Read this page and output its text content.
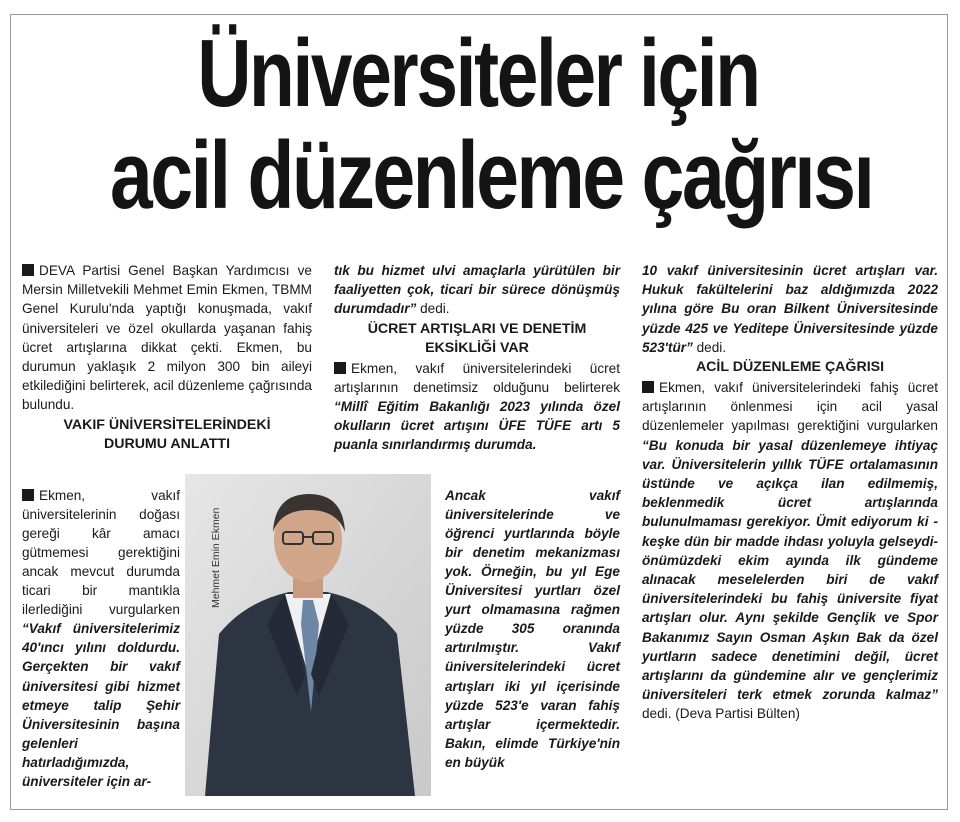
Üniversiteler için
acil düzenleme çağrısı

DEVA Partisi Genel Başkan Yardımcısı ve Mersin Milletvekili Mehmet Emin Ekmen, TBMM Genel Kurulu'nda yaptığı konuşmada, vakıf üniversiteleri ve özel okullarda yaşanan fahiş ücret artışlarına dikkat çekti. Ekmen, bu durumun yaklaşık 2 milyon 300 bin aileyi etkilediğini belirterek, acil düzenleme çağrısında bulundu.

VAKIF ÜNİVERSİTELERİNDEKİ DURUMU ANLATTI

Ekmen, vakıf üniversitelerinin doğası gereği kâr amacı gütmemesi gerektiğini ancak mevcut durumda ticari bir mantıkla ilerlediğini vurgularken “Vakıf üniversitelerimiz 40'ıncı yılını doldurdu. Gerçekten bir vakıf üniversitesi gibi hizmet etmeye talip Şehir Üniversitesinin başına gelenleri hatırladığımızda, üniversiteler için ar-

Mehmet Emin Ekmen

tık bu hizmet ulvi amaçlarla yürütülen bir faaliyetten çok, ticari bir sürece dönüşmüş durumdadır” dedi.

ÜCRET ARTIŞLARI VE DENETİM EKSİKLİĞİ VAR

Ekmen, vakıf üniversitelerindeki ücret artışlarının denetimsiz olduğunu belirterek “Millî Eğitim Bakanlığı 2023 yılında özel okulların ücret artışını ÜFE TÜFE artı 5 puanla sınırlandırmış durumda.

Ancak vakıf üniversitelerinde ve öğrenci yurtlarında böyle bir denetim mekanizması yok. Örneğin, bu yıl Ege Üniversitesi yurtları özel yurt olmamasına rağmen yüzde 305 oranında artırılmıştır. Vakıf üniversitelerindeki ücret artışları iki yıl içerisinde yüzde 523'e varan fahiş artışlar içermektedir. Bakın, elimde Türkiye'nin en büyük

10 vakıf üniversitesinin ücret artışları var. Hukuk fakültelerini baz aldığımızda 2022 yılına göre Bu oran Bilkent Üniversitesinde yüzde 425 ve Yeditepe Üniversitesinde yüzde 523'tür” dedi.

ACİL DÜZENLEME ÇAĞRISI

Ekmen, vakıf üniversitelerindeki fahiş ücret artışlarının önlenmesi için acil yasal düzenlemeler yapılması gerektiğini vurgularken “Bu konuda bir yasal düzenlemeye ihtiyaç var. Üniversitelerin yıllık TÜFE ortalamasının üstünde ve açıkça ilan edilmemiş, beklenmedik ücret artışlarında bulunulmaması gerekiyor. Ümit ediyorum ki -keşke dün bir madde ihdası yoluyla gelseydi- önümüzdeki ekim ayında ilk gündeme alınacak meselelerden biri de vakıf üniversitelerindeki bu fahiş üniversite fiyat artışları olur. Aynı şekilde Gençlik ve Spor Bakanımız Sayın Osman Aşkın Bak da özel yurtların sadece denetimini değil, ücret artışlarını da gündemine alır ve gençlerimiz üniversiteleri terk etmek zorunda kalmaz” dedi. (Deva Partisi Bülten)
